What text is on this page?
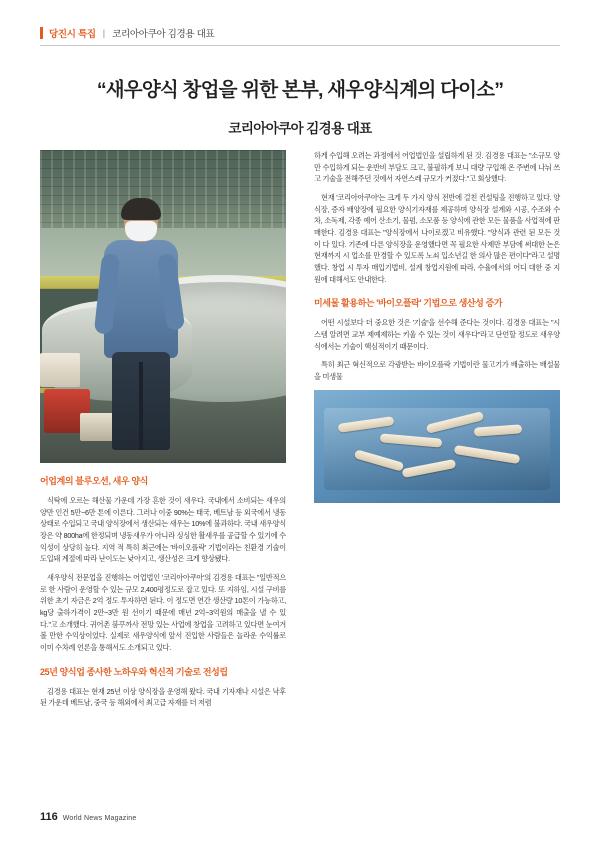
당진시 특집 | 코리아아쿠아 김경용 대표
“새우양식 창업을 위한 본부, 새우양식계의 다이소”
코리아아쿠아 김경용 대표
어업계의 블루오션, 새우 양식

식탁에 오르는 해산물 가운데 가장 흔한 것이 새우다. 국내에서 소비되는 새우의 양만 인건 5만~6만 톤에 이른다. 그러나 이중 90%는 태국, 베트남 등 외국에서 냉동상태로 수입되고 국내 양식장에서 생산되는 새우는 10%에 불과하다. 국내 새우양식장은 약 800ha에 한정되며 냉동새우가 아니라 싱싱한 활새우를 공급할 수 있기에 수익성이 상당히 높다. 지역 적 특히 최근에는 '바이오플락' 기법이라는 친환경 기술이 도입돼 계절에 따라 난이도는 낮아지고, 생산성은 크게 향상됐다.

새우양식 전문업을 진행하는 어업법인 '코리아아쿠아'의 김경용 대표는 "일반적으로 한 사람이 운영할 수 있는 규모 2,400평정도로 잡고 있다. 또 지하임, 시설 구비를 위한 초기 자금은 2억 정도 투자하면 된다. 이 정도면 연간 생산량 10톤이 가능하고, kg당 출하가격이 2만~3만 원 선이기 때문에 매년 2억~3억원의 매출을 낼 수 있다."고 소개했다. 귀어촌 붐꾸까사 전망 있는 사업에 창업을 고려하고 있다면 눈여겨볼 만한 수익상이었다. 실제로 새우양식에 앞서 진입한 사람들은 놀라운 수익률로 이미 수차례 언론을 통해서도 소개되고 있다.

25년 양식업 종사한 노하우와 혁신적 기술로 전성립

김경용 대표는 현재 25년 이상 양식장을 운영해 왔다. 국내 기자재나 시설은 낙후된 가운데 베트남, 중국 등 해외에서 최고급 자재를 더 저렴

하게 수입해 오려는 과정에서 어업법인을 설립하게 된 것. 김경용 대표는 "소규모 양만 수입하게 되는 운반비 부담도 크고, 불필하게 보니 대량 구입해 온 주변에 나눠 쓰고 기술을 전해주던 것에서 자연스레 규모가 커졌다."고 회상했다.

현재 '코리아아쿠아'는 크게 두 가지 양식 전반에 걸친 컨설팅을 진행하고 있다. 양식장, 증자 배양장에 필요한 양식기자재를 제공하며 양식장 설계와 시공, 수조와 수차, 소독제, 각종 예어 산소기, 물펌, 소모품 등 양식에 관한 모든 물품을 사업적에 판매한다. 김경용 대표는 "양식장에서 나이로겠고 비유했다. "양식과 관련 된 모든 것이 다 있다. 기존에 다른 양식장을 운영했다면 꼭 필요한 사제만 부담에 써대한 논은 현재까지 시 업소를 만경할 수 있도록 노쇠 입소년길 한 의사 많은 편이다"라고 설명했다. 창업 시 투자 매입기법비, 설계 창업지원에 따라, 수율에서의 어디 대한 중 지원에 대해서도 안내한다.

미세물 활용하는 '바이오플락' 기법으로 생산성 증가

어떤 시설보다 더 중요한 것은 '기술'을 선수해 준다는 것이다. 김경용 대표는 "시스템 알려면 교부 제예제하는 키울 수 있는 것이 새우다"라고 단언할 정도로 새우양식에서는 기술이 핵심적이기 때문이다.

특히 최근 혁신적으로 각광받는 바이오플락 기법이란 물고기가 배출하는 배설물을 미생물

116 World News Magazine
